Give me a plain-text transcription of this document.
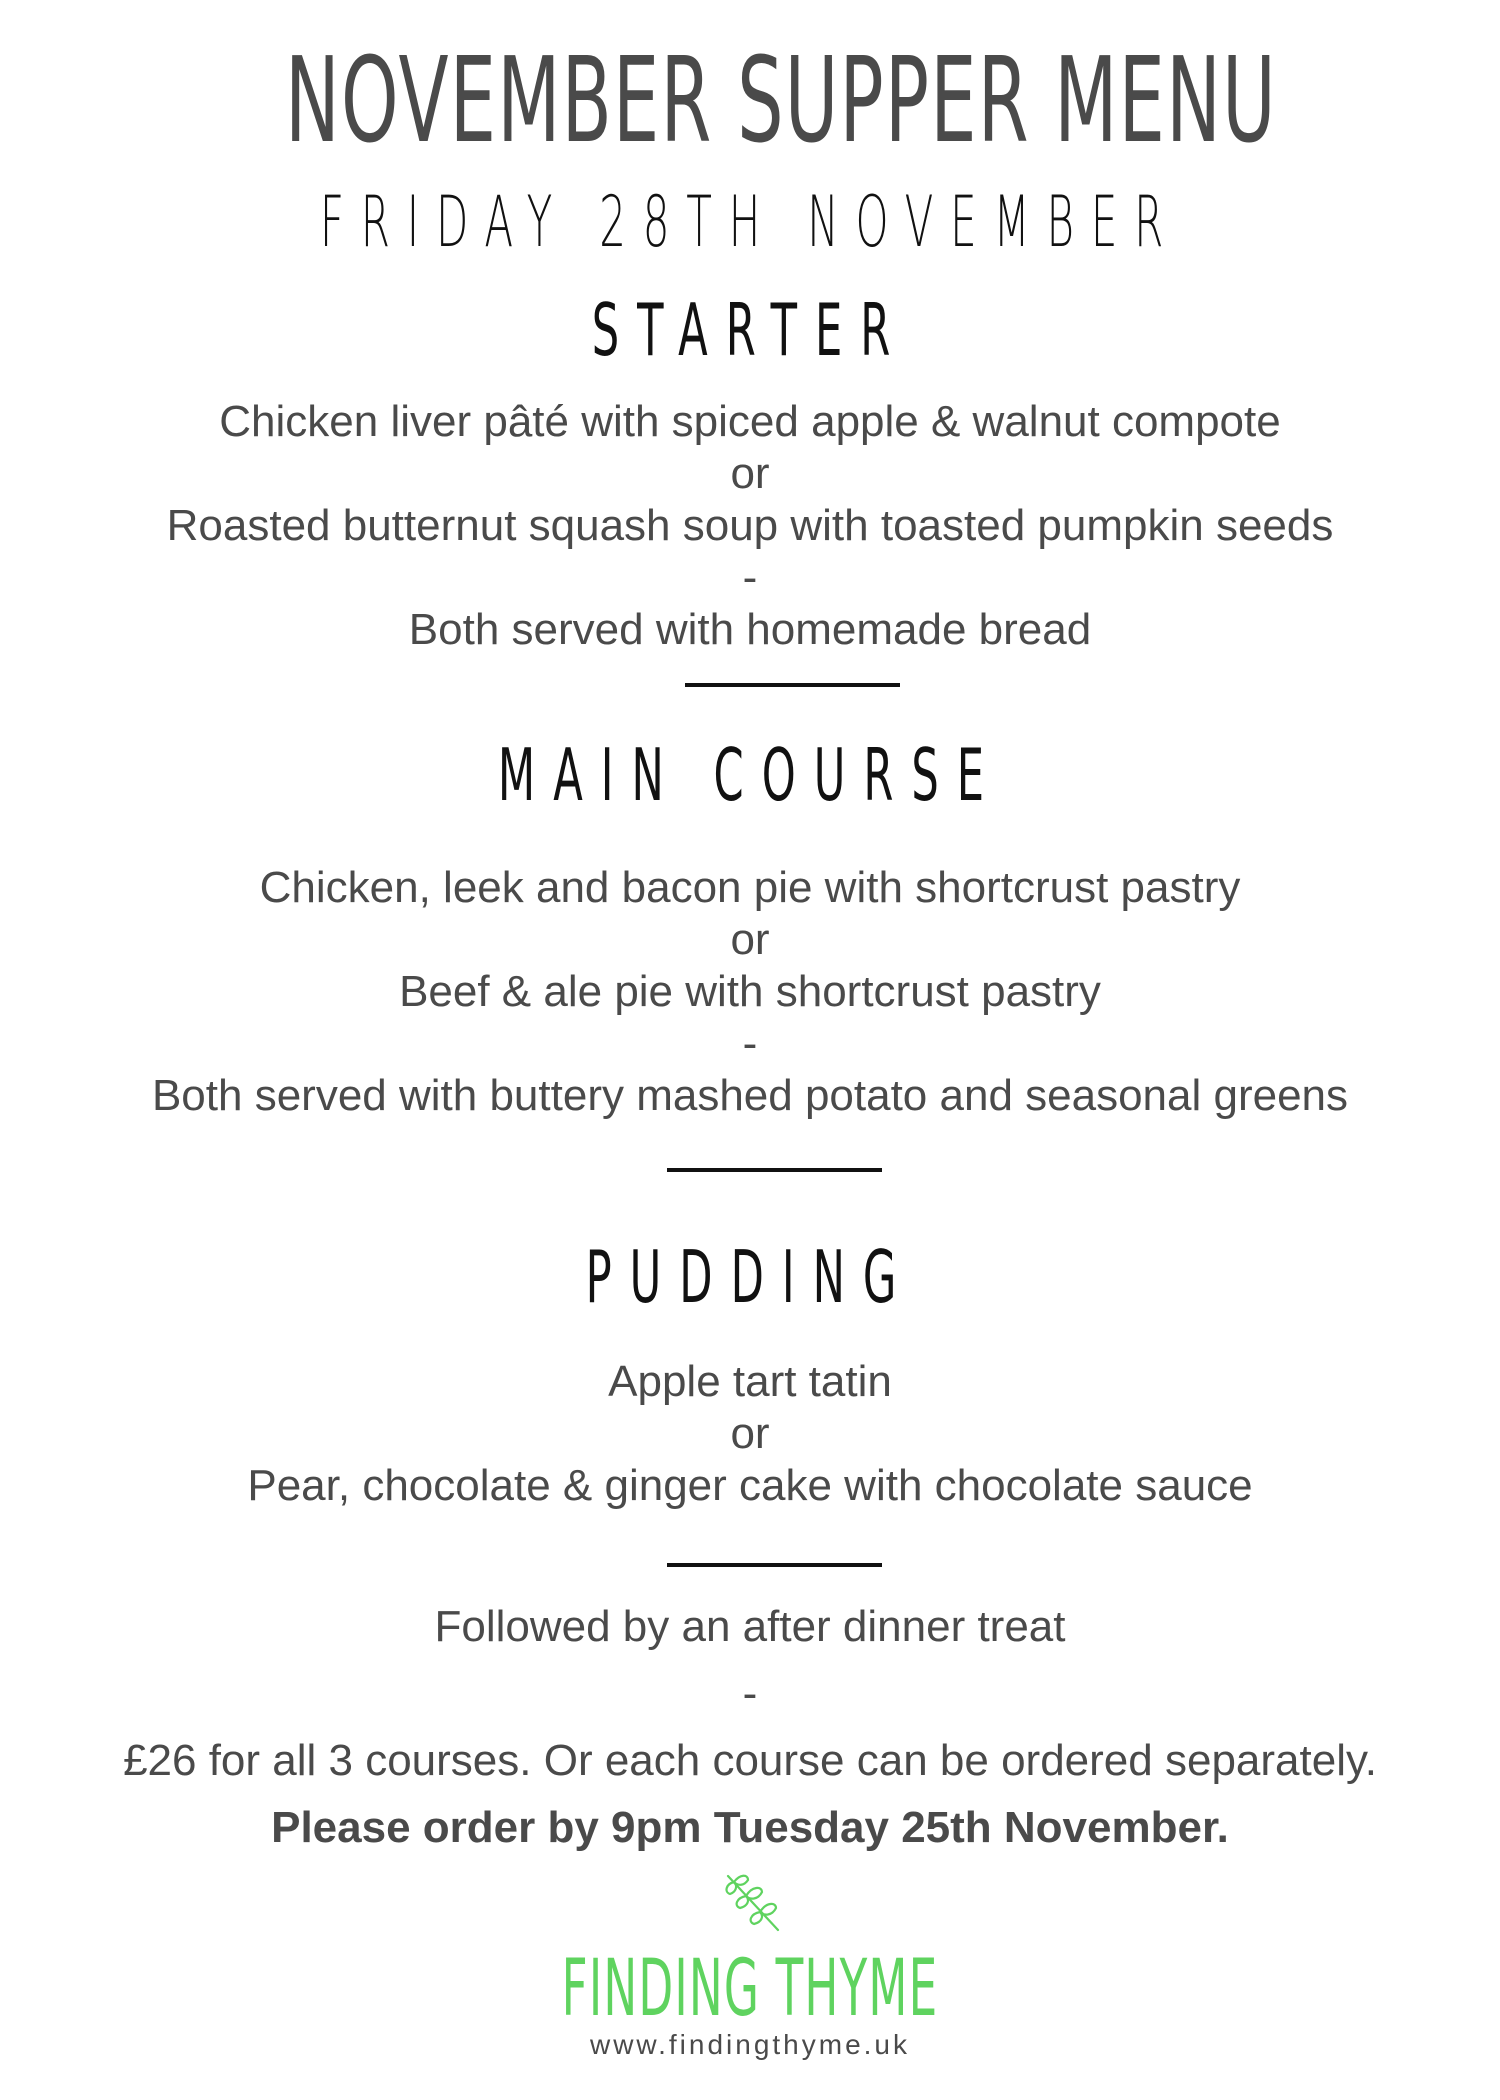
NOVEMBER SUPPER MENU
FRIDAY 28TH NOVEMBER
STARTER
Chicken liver pâté with spiced apple & walnut compote
or
Roasted butternut squash soup with toasted pumpkin seeds
-
Both served with homemade bread
MAIN COURSE
Chicken, leek and bacon pie with shortcrust pastry
or
Beef & ale pie with shortcrust pastry
-
Both served with buttery mashed potato and seasonal greens
PUDDING
Apple tart tatin
or
Pear, chocolate & ginger cake with chocolate sauce
Followed by an after dinner treat
-
£26 for all 3 courses. Or each course can be ordered separately.
Please order by 9pm Tuesday 25th November.
FINDING THYME
www.findingthyme.uk
